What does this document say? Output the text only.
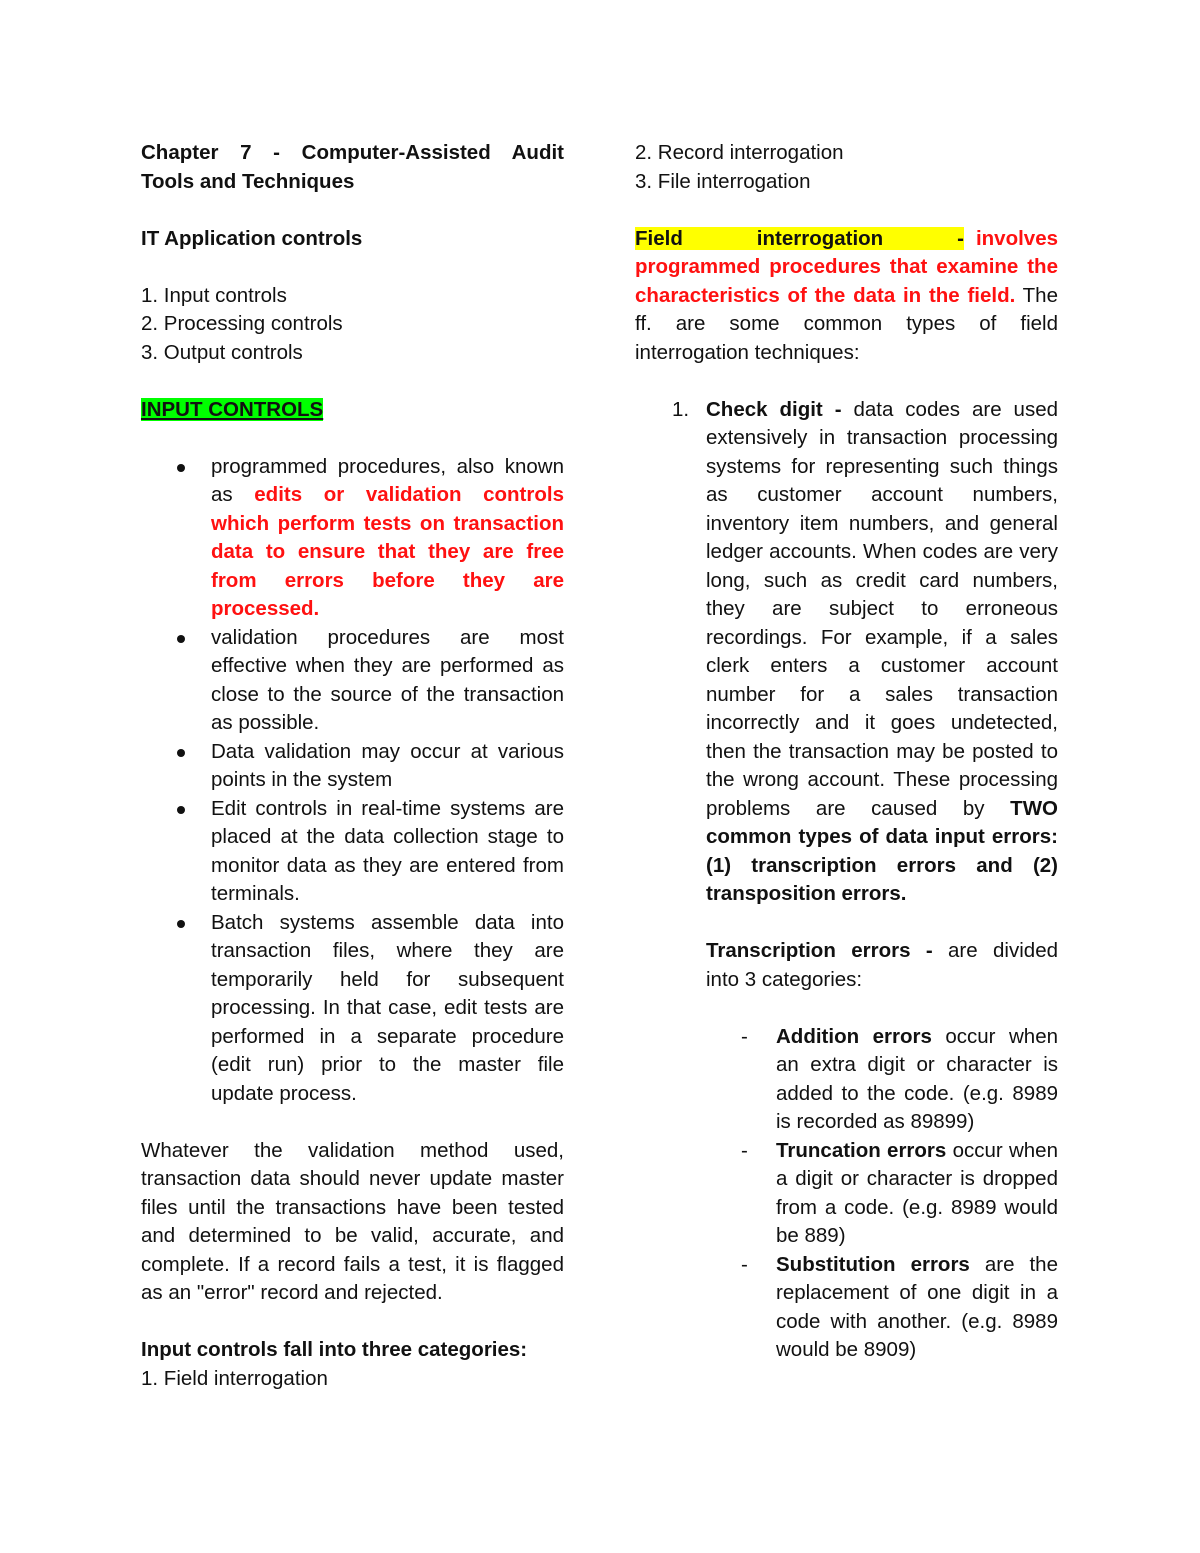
Chapter 7 - Computer-Assisted Audit

Tools and Techniques

IT Application controls

1. Input controls

2. Processing controls

3. Output controls

INPUT CONTROLS

programmed procedures, also known as edits or validation controls which perform tests on transaction data to ensure that they are free from errors before they are processed.
validation procedures are most effective when they are performed as close to the source of the transaction as possible.
Data validation may occur at various points in the system
Edit controls in real-time systems are placed at the data collection stage to monitor data as they are entered from terminals.
Batch systems assemble data into transaction files, where they are temporarily held for subsequent processing. In that case, edit tests are performed in a separate procedure (edit run) prior to the master file update process.

Whatever the validation method used, transaction data should never update master files until the transactions have been tested and determined to be valid, accurate, and complete. If a record fails a test, it is flagged as an "error" record and rejected.

Input controls fall into three categories:

1. Field interrogation

2. Record interrogation

3. File interrogation

Field interrogation - involves programmed procedures that examine the characteristics of the data in the field. The ff. are some common types of field interrogation techniques:

1. Check digit - data codes are used extensively in transaction processing systems for representing such things as customer account numbers, inventory item numbers, and general ledger accounts. When codes are very long, such as credit card numbers, they are subject to erroneous recordings. For example, if a sales clerk enters a customer account number for a sales transaction incorrectly and it goes undetected, then the transaction may be posted to the wrong account. These processing problems are caused by TWO common types of data input errors: (1) transcription errors and (2) transposition errors.

Transcription errors - are divided into 3 categories:

- Addition errors occur when an extra digit or character is added to the code. (e.g. 8989 is recorded as 89899)
- Truncation errors occur when a digit or character is dropped from a code. (e.g. 8989 would be 889)
- Substitution errors are the replacement of one digit in a code with another. (e.g. 8989 would be 8909)
